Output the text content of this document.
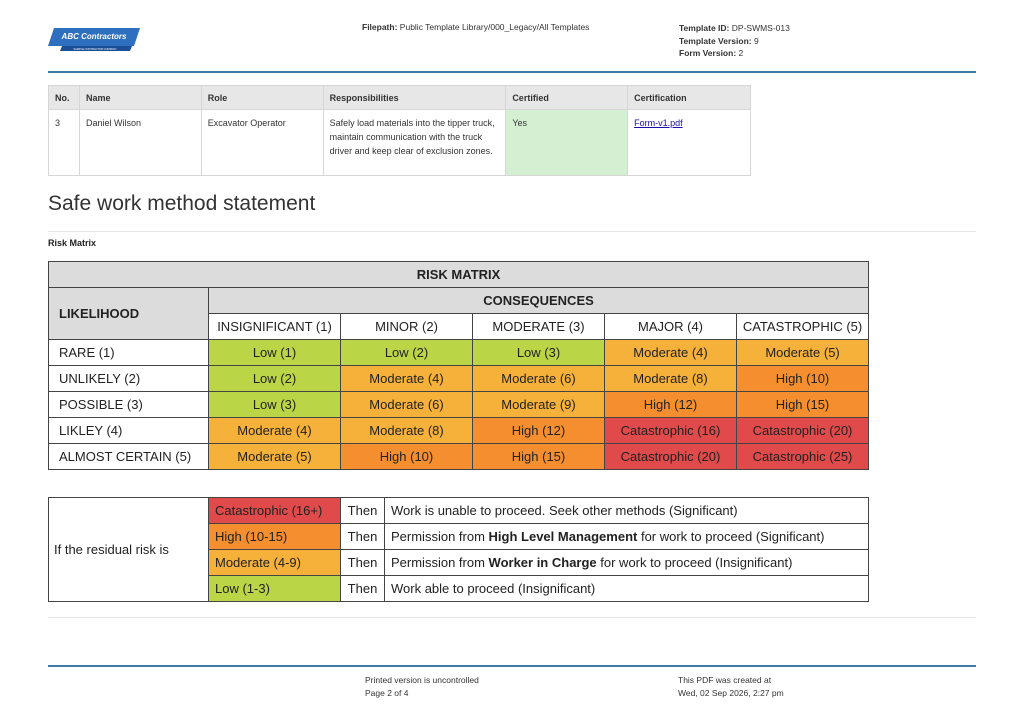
ABC Contractors
SAMPLE CONTRACTOR COMPANY
Filepath: Public Template Library/000_Legacy/All Templates	Template ID: DP-SWMS-013
Template Version: 9
Form Version: 2
No.	Name	Role	Responsibilities	Certified	Certification
3	Daniel Wilson	Excavator Operator	Safely load materials into the tipper truck, maintain communication with the truck driver and keep clear of exclusion zones.	Yes	Form-v1.pdf
Safe work method statement
Risk Matrix
RISK MATRIX					
LIKELIHOOD	CONSEQUENCES				
	INSIGNIFICANT (1)	MINOR (2)	MODERATE (3)	MAJOR (4)	CATASTROPHIC (5)
RARE (1)	Low (1)	Low (2)	Low (3)	Moderate (4)	Moderate (5)
UNLIKELY (2)	Low (2)	Moderate (4)	Moderate (6)	Moderate (8)	High (10)
POSSIBLE (3)	Low (3)	Moderate (6)	Moderate (9)	High (12)	High (15)
LIKLEY (4)	Moderate (4)	Moderate (8)	High (12)	Catastrophic (16)	Catastrophic (20)
ALMOST CERTAIN (5)	Moderate (5)	High (10)	High (15)	Catastrophic (20)	Catastrophic (25)
If the residual risk is	Catastrophic (16+)	Then	Work is unable to proceed. Seek other methods (Significant)
	High (10-15)	Then	Permission from High Level Management for work to proceed (Significant)
	Moderate (4-9)	Then	Permission from Worker in Charge for work to proceed (Insignificant)
	Low (1-3)	Then	Work able to proceed (Insignificant)
Printed version is uncontrolled
Page 2 of 4
This PDF was created at
Wed, 02 Sep 2026, 2:27 pm
